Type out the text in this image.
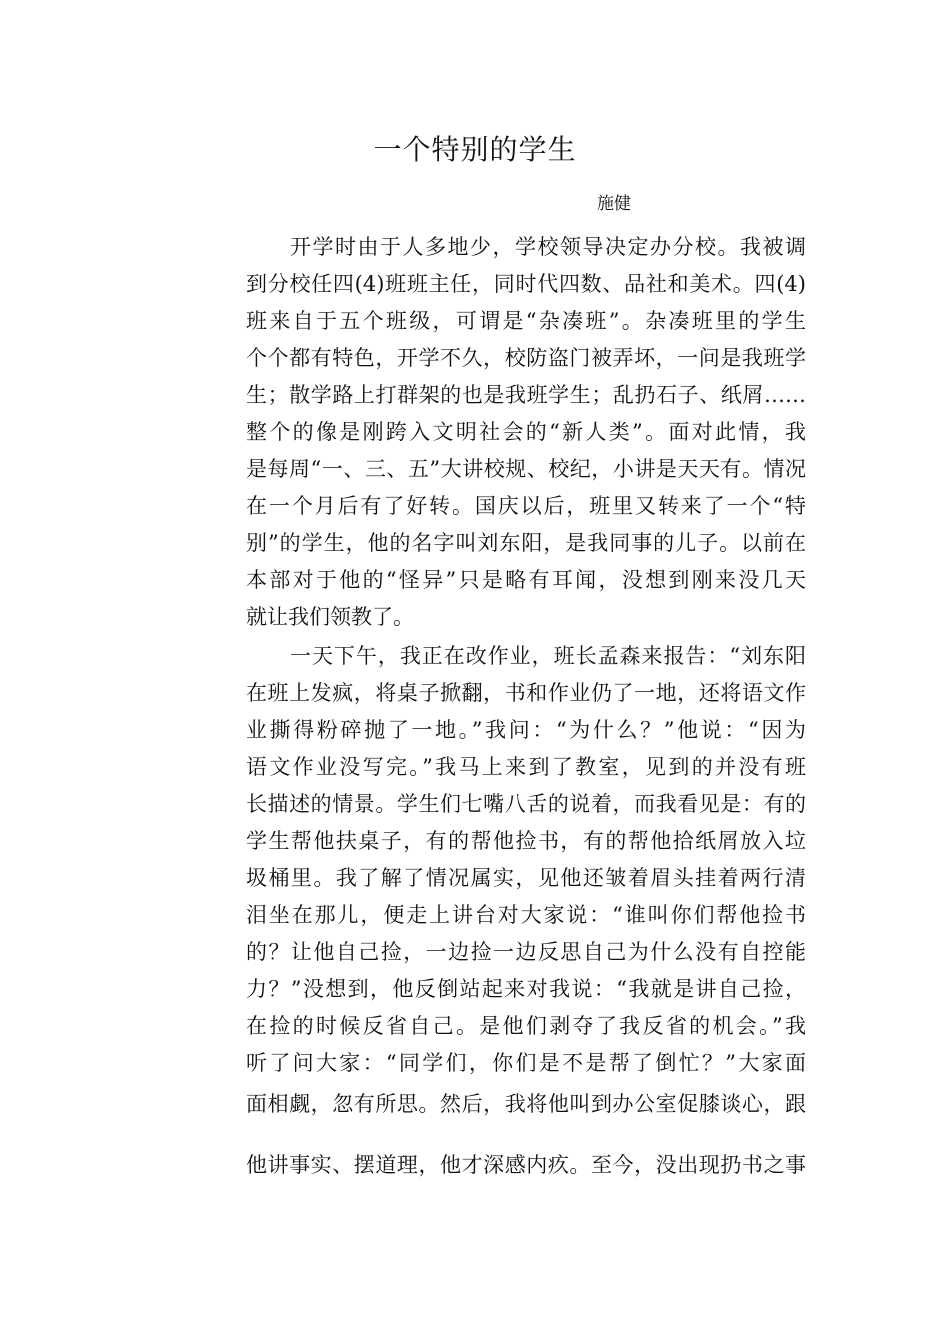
一个特别的学生
施健
开学时由于人多地少，学校领导决定办分校。我被调
到分校任四(4)班班主任，同时代四数、品社和美术。四(4)
班来自于五个班级，可谓是“杂凑班”。杂凑班里的学生
个个都有特色，开学不久，校防盗门被弄坏，一问是我班学
生；散学路上打群架的也是我班学生；乱扔石子、纸屑……
整个的像是刚跨入文明社会的“新人类”。面对此情，我
是每周“一、三、五”大讲校规、校纪，小讲是天天有。情况
在一个月后有了好转。国庆以后，班里又转来了一个“特
别”的学生，他的名字叫刘东阳，是我同事的儿子。以前在
本部对于他的“怪异”只是略有耳闻，没想到刚来没几天
就让我们领教了。
一天下午，我正在改作业，班长孟森来报告：“刘东阳
在班上发疯，将桌子掀翻，书和作业仍了一地，还将语文作
业撕得粉碎抛了一地。”我问：“为什么？”他说：“因为
语文作业没写完。”我马上来到了教室，见到的并没有班
长描述的情景。学生们七嘴八舌的说着，而我看见是：有的
学生帮他扶桌子，有的帮他捡书，有的帮他拾纸屑放入垃
圾桶里。我了解了情况属实，见他还皱着眉头挂着两行清
泪坐在那儿，便走上讲台对大家说：“谁叫你们帮他捡书
的？让他自己捡，一边捡一边反思自己为什么没有自控能
力？”没想到，他反倒站起来对我说：“我就是讲自己捡，
在捡的时候反省自己。是他们剥夺了我反省的机会。”我
听了问大家：“同学们，你们是不是帮了倒忙？”大家面
面相觑，忽有所思。然后，我将他叫到办公室促膝谈心，跟
他讲事实、摆道理，他才深感内疚。至今，没出现扔书之事
